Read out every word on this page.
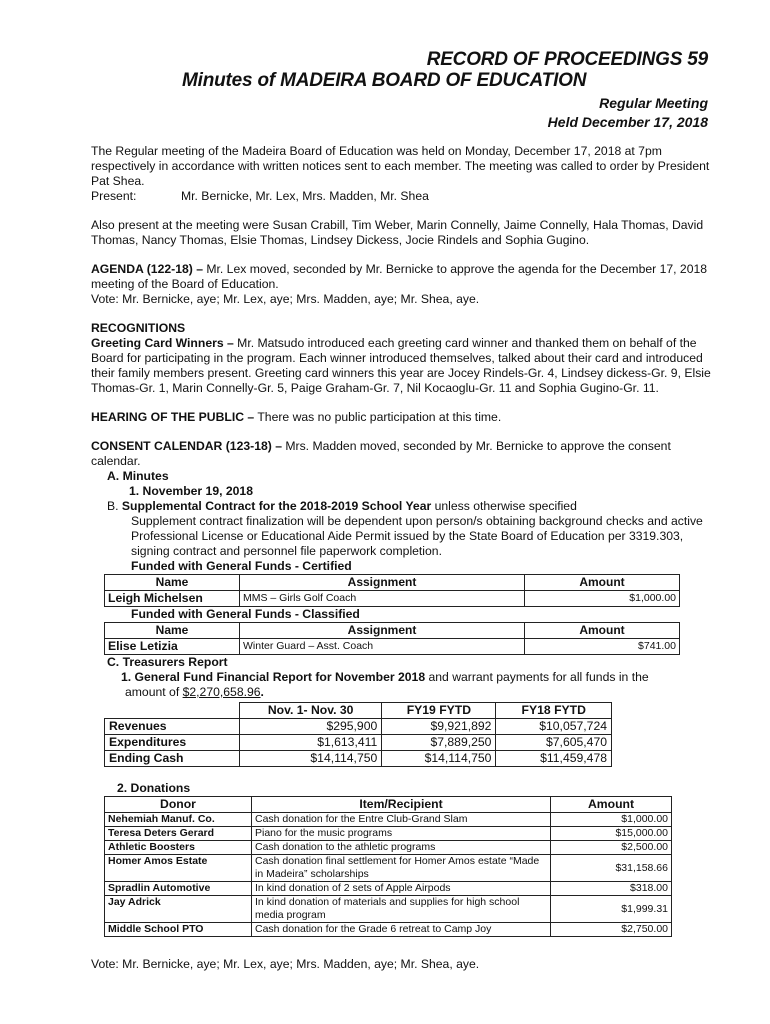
RECORD OF PROCEEDINGS 59

Minutes of MADEIRA BOARD OF EDUCATION

Regular Meeting

Held December 17, 2018

The Regular meeting of the Madeira Board of Education was held on Monday, December 17, 2018 at 7pm respectively in accordance with written notices sent to each member. The meeting was called to order by President Pat Shea.
Present:	Mr. Bernicke, Mr. Lex, Mrs. Madden, Mr. Shea

Also present at the meeting were Susan Crabill, Tim Weber, Marin Connelly, Jaime Connelly, Hala Thomas, David Thomas, Nancy Thomas, Elsie Thomas, Lindsey Dickess, Jocie Rindels and Sophia Gugino.

AGENDA (122-18) – Mr. Lex moved, seconded by Mr. Bernicke to approve the agenda for the December 17, 2018 meeting of the Board of Education.
Vote: Mr. Bernicke, aye; Mr. Lex, aye; Mrs. Madden, aye; Mr. Shea, aye.

RECOGNITIONS
Greeting Card Winners – Mr. Matsudo introduced each greeting card winner and thanked them on behalf of the Board for participating in the program. Each winner introduced themselves, talked about their card and introduced their family members present. Greeting card winners this year are Jocey Rindels-Gr. 4, Lindsey dickess-Gr. 9, Elsie Thomas-Gr. 1, Marin Connelly-Gr. 5, Paige Graham-Gr. 7, Nil Kocaoglu-Gr. 11 and Sophia Gugino-Gr. 11.

HEARING OF THE PUBLIC – There was no public participation at this time.

CONSENT CALENDAR (123-18) – Mrs. Madden moved, seconded by Mr. Bernicke to approve the consent calendar.
A. Minutes
1. November 19, 2018
B. Supplemental Contract for the 2018-2019 School Year unless otherwise specified
Supplement contract finalization will be dependent upon person/s obtaining background checks and active Professional License or Educational Aide Permit issued by the State Board of Education per 3319.303, signing contract and personnel file paperwork completion.
Funded with General Funds - Certified
Name	Assignment	Amount
Leigh Michelsen	MMS – Girls Golf Coach	$1,000.00
Funded with General Funds - Classified
Name	Assignment	Amount
Elise Letizia	Winter Guard – Asst. Coach	$741.00
C. Treasurers Report
1. General Fund Financial Report for November 2018 and warrant payments for all funds in the
amount of $2,270,658.96.
	Nov. 1- Nov. 30	FY19 FYTD	FY18 FYTD
Revenues	$295,900	$9,921,892	$10,057,724
Expenditures	$1,613,411	$7,889,250	$7,605,470
Ending Cash	$14,114,750	$14,114,750	$11,459,478
2. Donations
Donor	Item/Recipient	Amount
Nehemiah Manuf. Co.	Cash donation for the Entre Club-Grand Slam	$1,000.00
Teresa Deters Gerard	Piano for the music programs	$15,000.00
Athletic Boosters	Cash donation to the athletic programs	$2,500.00
Homer Amos Estate	Cash donation final settlement for Homer Amos estate “Made in Madeira” scholarships	$31,158.66
Spradlin Automotive	In kind donation of 2 sets of Apple Airpods	$318.00
Jay Adrick	In kind donation of materials and supplies for high school media program	$1,999.31
Middle School PTO	Cash donation for the Grade 6 retreat to Camp Joy	$2,750.00
Vote: Mr. Bernicke, aye; Mr. Lex, aye; Mrs. Madden, aye; Mr. Shea, aye.
